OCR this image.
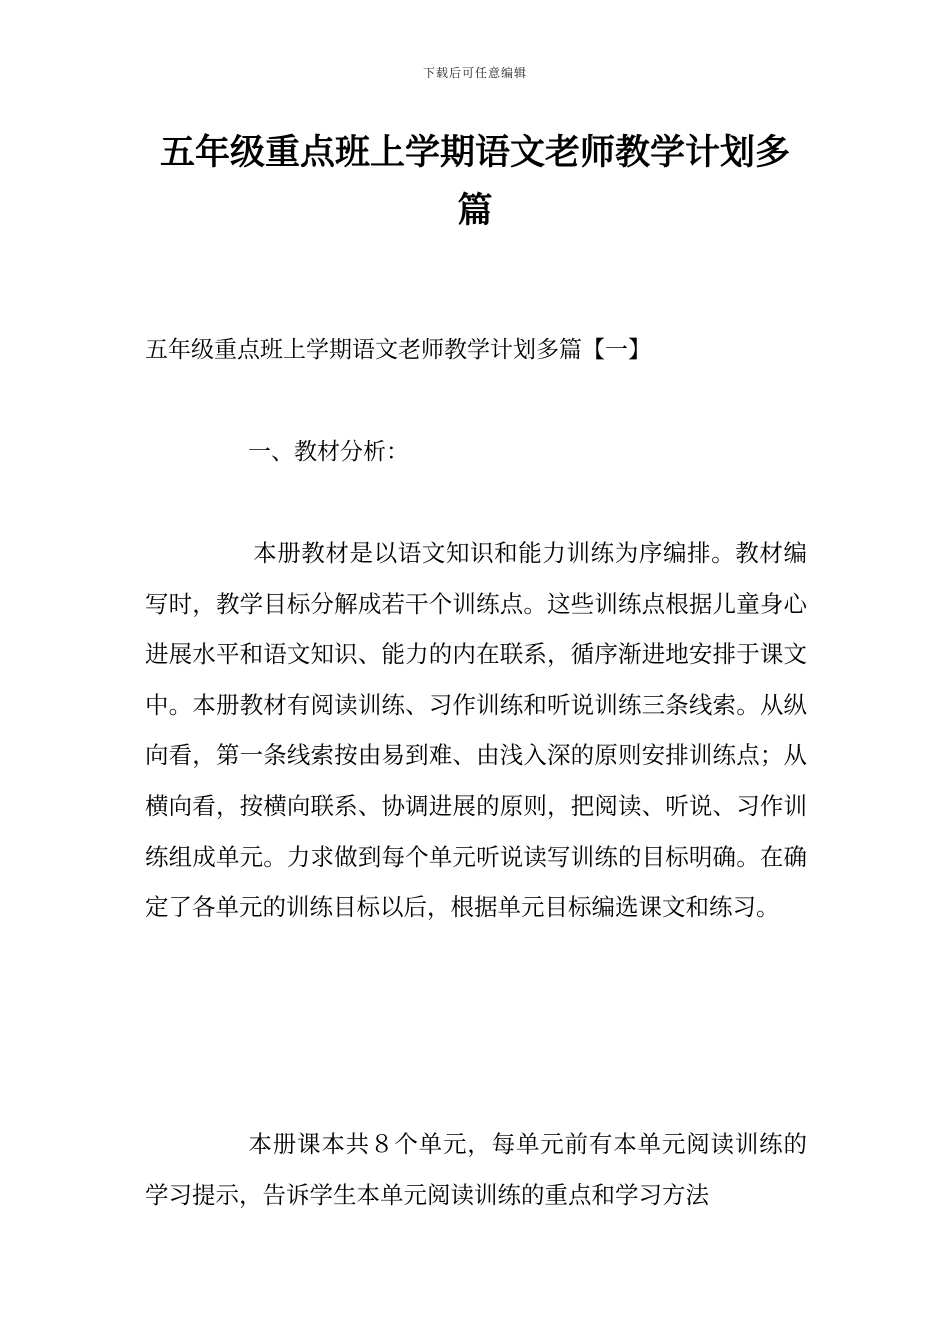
下载后可任意编辑
五年级重点班上学期语文老师教学计划多篇
五年级重点班上学期语文老师教学计划多篇【一】
一、教材分析：

本册教材是以语文知识和能力训练为序编排。教材编写时，教学目标分解成若干个训练点。这些训练点根据儿童身心进展水平和语文知识、能力的内在联系，循序渐进地安排于课文中。本册教材有阅读训练、习作训练和听说训练三条线索。从纵向看，第一条线索按由易到难、由浅入深的原则安排训练点；从横向看，按横向联系、协调进展的原则，把阅读、听说、习作训练组成单元。力求做到每个单元听说读写训练的目标明确。在确定了各单元的训练目标以后，根据单元目标编选课文和练习。

本册课本共８个单元，每单元前有本单元阅读训练的学习提示，告诉学生本单元阅读训练的重点和学习方法
